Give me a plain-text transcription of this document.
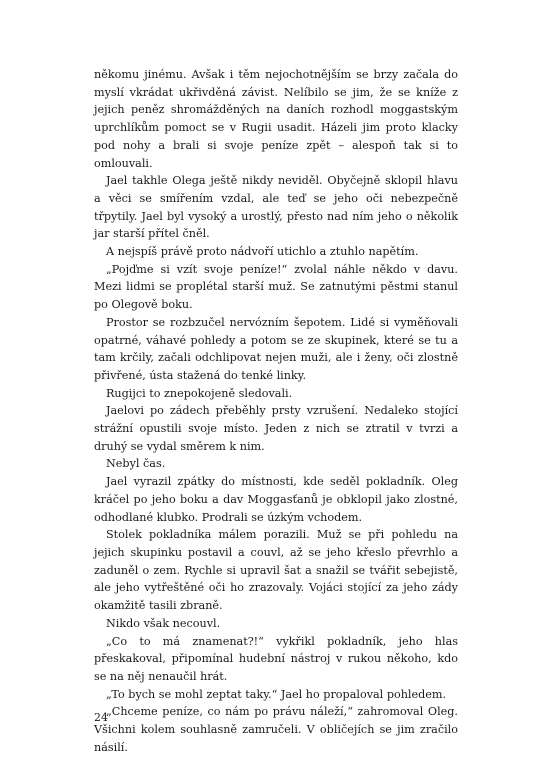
někomu jinému. Avšak i těm nejochotnějším se brzy začala do myslí vkrádat ukřivděná závist. Nelíbilo se jim, že se kníže z jejich peněz shromážděných na daních rozhodl moggastským uprchlíkům pomoct se v Rugii usadit. Házeli jim proto klacky pod nohy a brali si svoje peníze zpět – alespoň tak si to omlouvali.

Jael takhle Olega ještě nikdy neviděl. Obyčejně sklopil hlavu a věci se smířením vzdal, ale teď se jeho oči nebezpečně třpytily. Jael byl vysoký a urostlý, přesto nad ním jeho o několik jar starší přítel čněl.

A nejspíš právě proto nádvoří utichlo a ztuhlo napětím.

„Pojďme si vzít svoje peníze!“ zvolal náhle někdo v davu. Mezi lidmi se proplétal starší muž. Se zatnutými pěstmi stanul po Olegově boku.

Prostor se rozbzučel nervózním šepotem. Lidé si vyměňovali opatrné, váhavé pohledy a potom se ze skupinek, které se tu a tam krčily, začali odchlipovat nejen muži, ale i ženy, oči zlostně přivřené, ústa stažená do tenké linky.

Rugijci to znepokojeně sledovali.

Jaelovi po zádech přeběhly prsty vzrušení. Nedaleko stojící strážní opustili svoje místo. Jeden z nich se ztratil v tvrzi a druhý se vydal směrem k nim.

Nebyl čas.

Jael vyrazil zpátky do místnosti, kde seděl pokladník. Oleg kráčel po jeho boku a dav Moggasťanů je obklopil jako zlostné, odhodlané klubko. Prodrali se úzkým vchodem.

Stolek pokladníka málem porazili. Muž se při pohledu na jejich skupinku postavil a couvl, až se jeho křeslo převrhlo a zaduněl o zem. Rychle si upravil šat a snažil se tvářit sebejistě, ale jeho vytřeštěné oči ho zrazovaly. Vojáci stojící za jeho zády okamžitě tasili zbraně.

Nikdo však necouvl.

„Co to má znamenat?!“ vykřikl pokladník, jeho hlas přeskakoval, připomínal hudební nástroj v rukou někoho, kdo se na něj nenaučil hrát.

„To bych se mohl zeptat taky.“ Jael ho propaloval pohledem.

„Chceme peníze, co nám po právu náleží,“ zahromoval Oleg. Všichni kolem souhlasně zamručeli. V obličejích se jim zračilo násilí.

24
